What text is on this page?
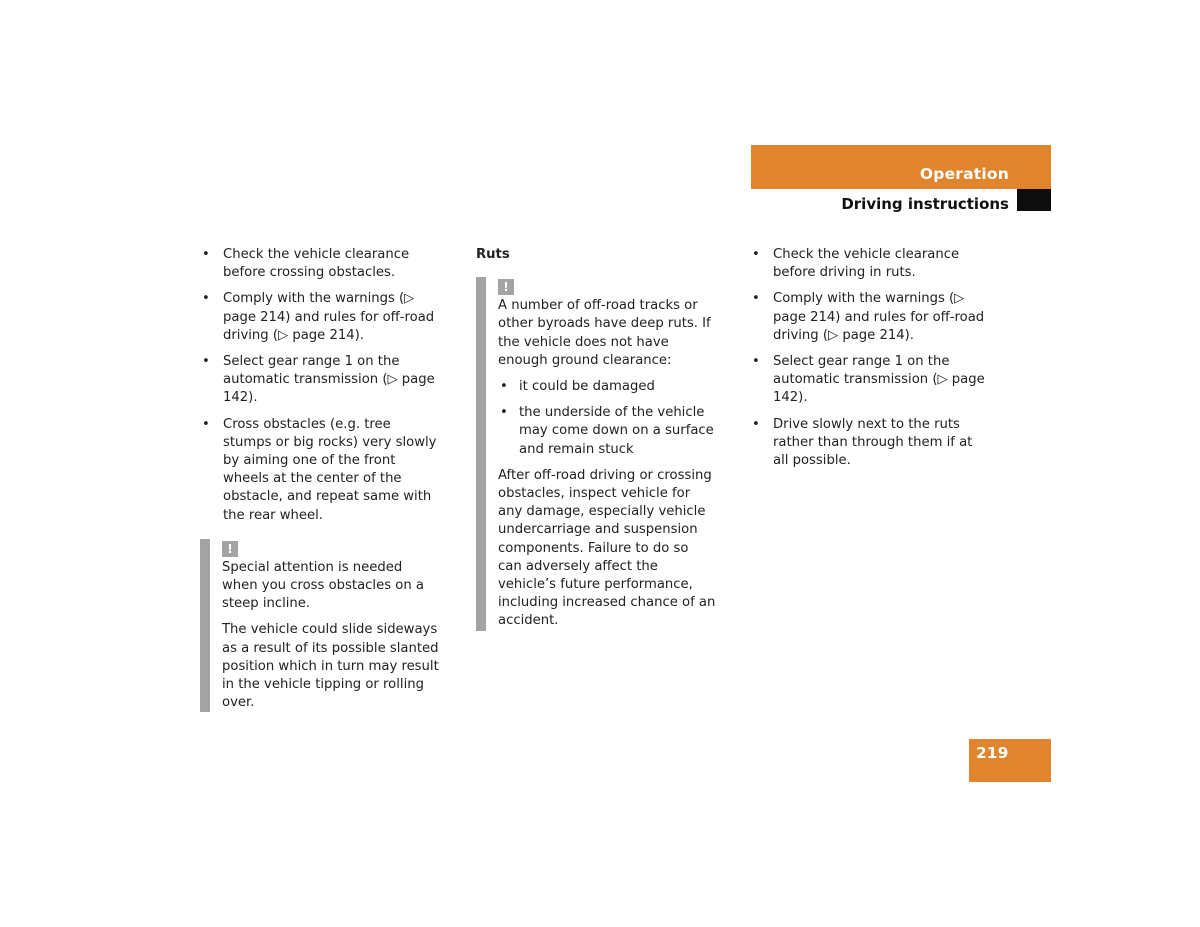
Operation
Driving instructions
• Check the vehicle clearance before crossing obstacles.
• Comply with the warnings (▷ page 214) and rules for off-road driving (▷ page 214).
• Select gear range 1 on the automatic transmission (▷ page 142).
• Cross obstacles (e.g. tree stumps or big rocks) very slowly by aiming one of the front wheels at the center of the obstacle, and repeat same with the rear wheel.
!

Special attention is needed when you cross obstacles on a steep incline.

The vehicle could slide sideways as a result of its possible slanted position which in turn may result in the vehicle tipping or rolling over.

Ruts
!

A number of off-road tracks or other byroads have deep ruts. If the vehicle does not have enough ground clearance:

• it could be damaged
• the underside of the vehicle may come down on a surface and remain stuck

After off-road driving or crossing obstacles, inspect vehicle for any damage, especially vehicle undercarriage and suspension components. Failure to do so can adversely affect the vehicle’s future performance, including increased chance of an accident.

• Check the vehicle clearance before driving in ruts.
• Comply with the warnings (▷ page 214) and rules for off-road driving (▷ page 214).
• Select gear range 1 on the automatic transmission (▷ page 142).
• Drive slowly next to the ruts rather than through them if at all possible.
219
